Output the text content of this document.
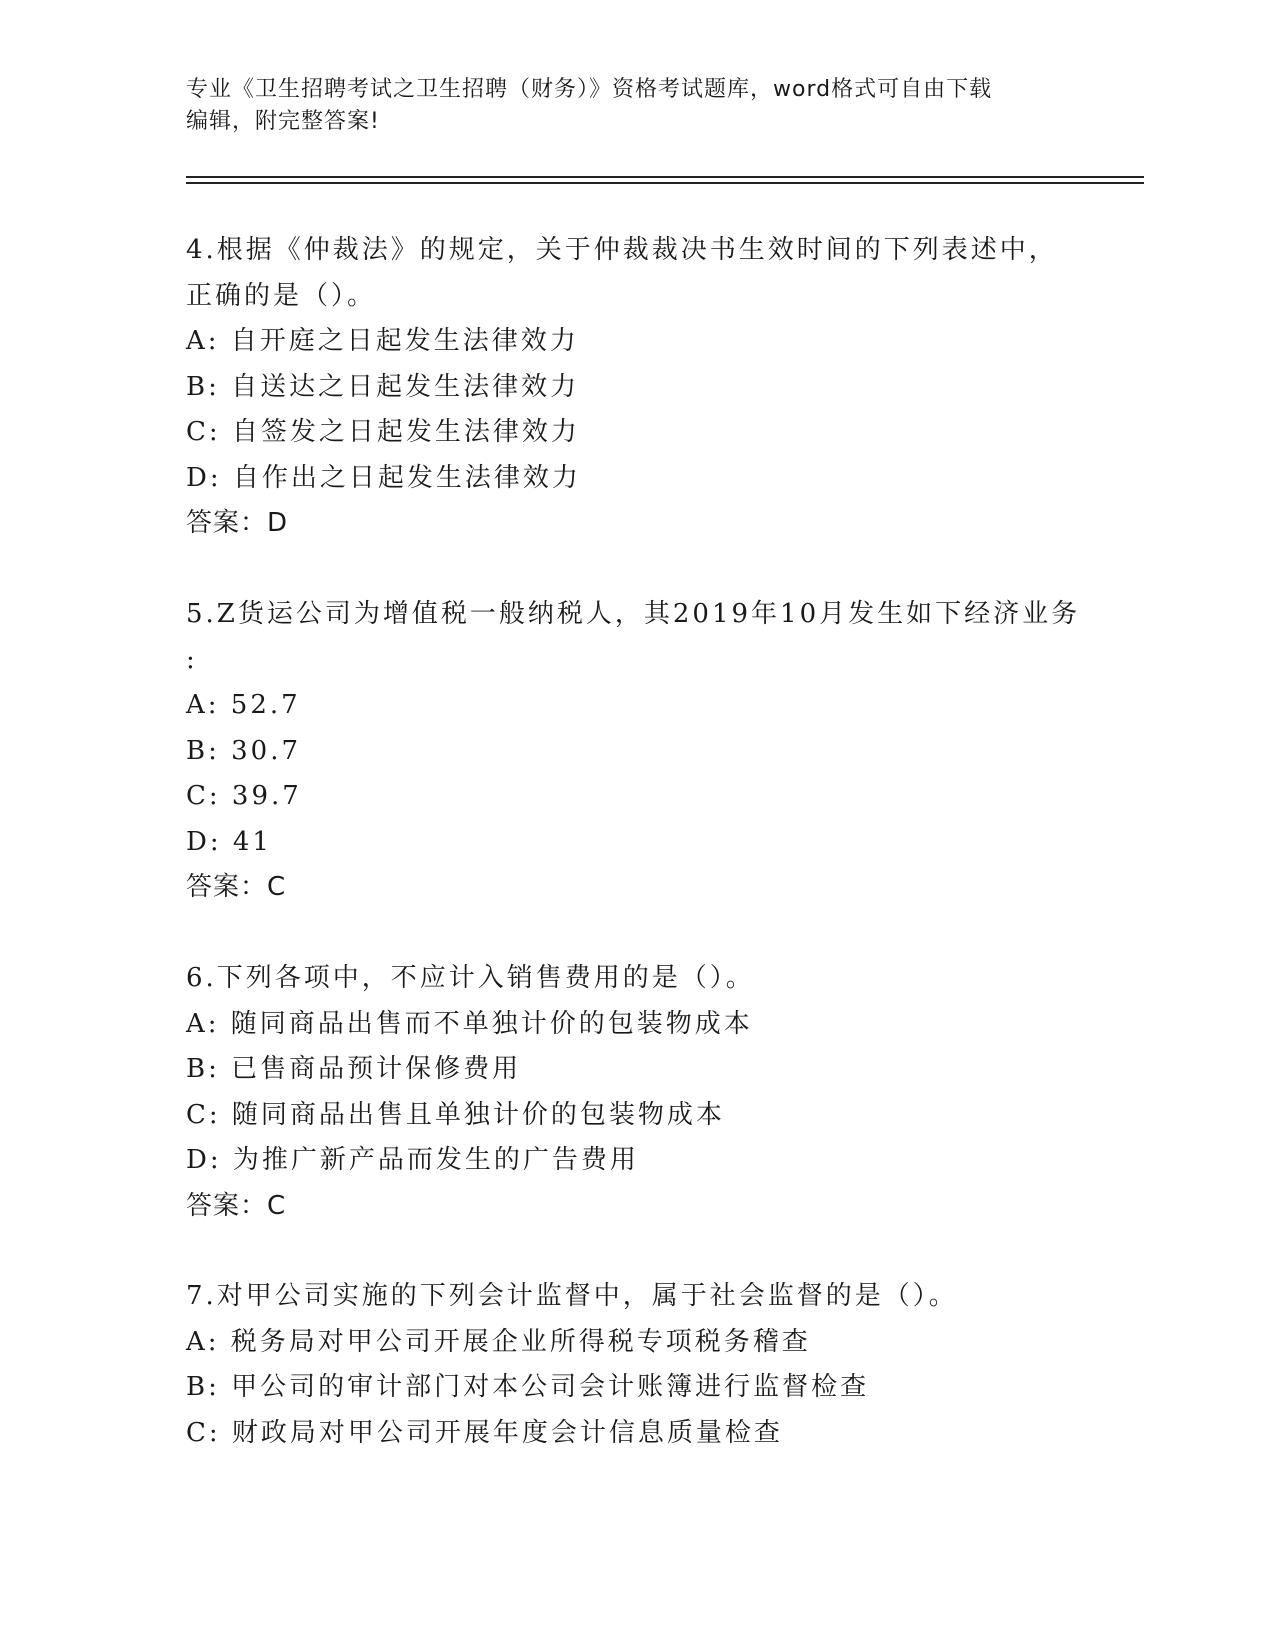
专业《卫生招聘考试之卫生招聘（财务）》资格考试题库，word格式可自由下载
编辑，附完整答案!
4.根据《仲裁法》的规定，关于仲裁裁决书生效时间的下列表述中，
正确的是（）。
A: 自开庭之日起发生法律效力
B: 自送达之日起发生法律效力
C: 自签发之日起发生法律效力
D: 自作出之日起发生法律效力
答案：D
5.Z货运公司为增值税一般纳税人，其2019年10月发生如下经济业务
:
A: 52.7
B: 30.7
C: 39.7
D: 41
答案：C
6.下列各项中，不应计入销售费用的是（）。
A: 随同商品出售而不单独计价的包装物成本
B: 已售商品预计保修费用
C: 随同商品出售且单独计价的包装物成本
D: 为推广新产品而发生的广告费用
答案：C
7.对甲公司实施的下列会计监督中，属于社会监督的是（）。
A: 税务局对甲公司开展企业所得税专项税务稽查
B: 甲公司的审计部门对本公司会计账簿进行监督检查
C: 财政局对甲公司开展年度会计信息质量检查
